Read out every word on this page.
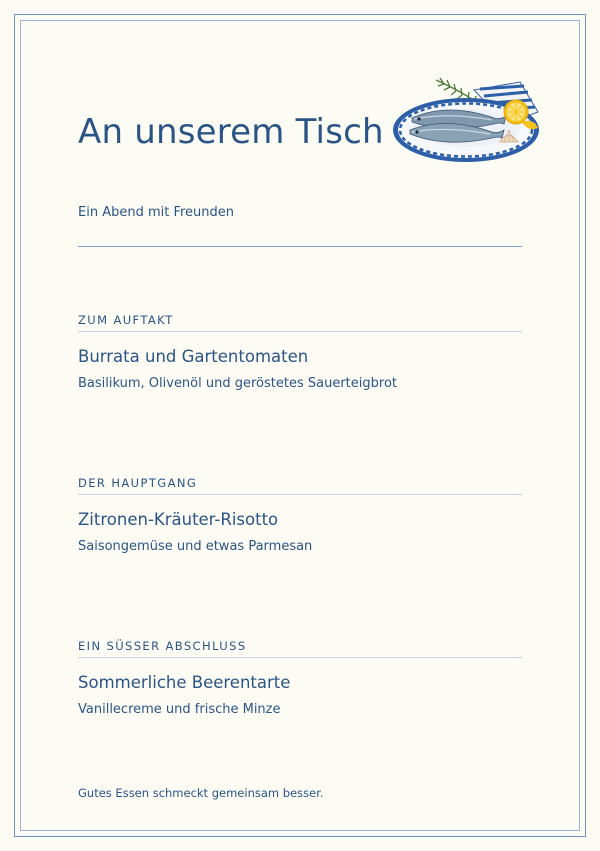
An unserem Tisch
Ein Abend mit Freunden
ZUM AUFTAKT
Burrata und Gartentomaten
Basilikum, Olivenöl und geröstetes Sauerteigbrot
DER HAUPTGANG
Zitronen-Kräuter-Risotto
Saisongemüse und etwas Parmesan
EIN SÜSSER ABSCHLUSS
Sommerliche Beerentarte
Vanillecreme und frische Minze
Gutes Essen schmeckt gemeinsam besser.
